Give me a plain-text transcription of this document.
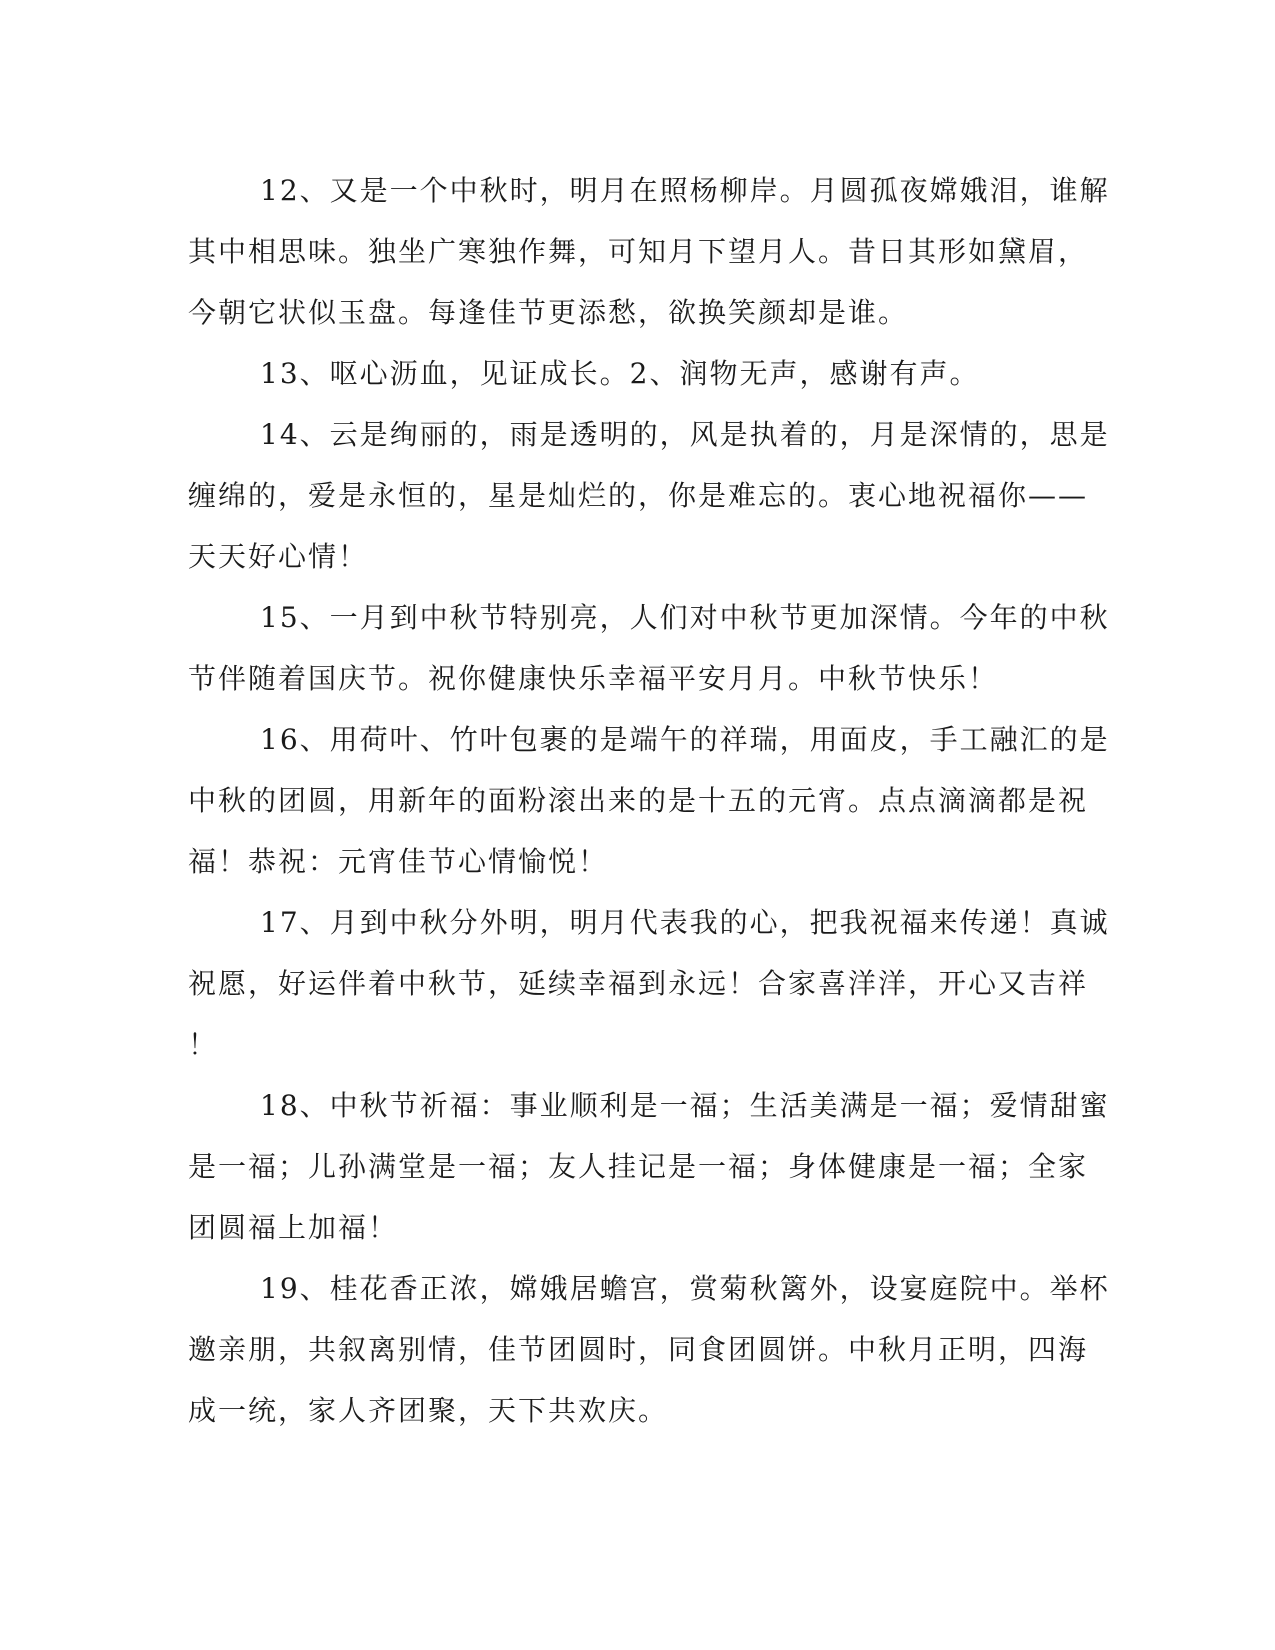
12、又是一个中秋时，明月在照杨柳岸。月圆孤夜嫦娥泪，谁解
其中相思味。独坐广寒独作舞，可知月下望月人。昔日其形如黛眉，
今朝它状似玉盘。每逢佳节更添愁，欲换笑颜却是谁。

13、呕心沥血，见证成长。2、润物无声，感谢有声。

14、云是绚丽的，雨是透明的，风是执着的，月是深情的，思是
缠绵的，爱是永恒的，星是灿烂的，你是难忘的。衷心地祝福你——
天天好心情！

15、一月到中秋节特别亮，人们对中秋节更加深情。今年的中秋
节伴随着国庆节。祝你健康快乐幸福平安月月。中秋节快乐！

16、用荷叶、竹叶包裹的是端午的祥瑞，用面皮，手工融汇的是
中秋的团圆，用新年的面粉滚出来的是十五的元宵。点点滴滴都是祝
福！恭祝：元宵佳节心情愉悦！

17、月到中秋分外明，明月代表我的心，把我祝福来传递！真诚
祝愿，好运伴着中秋节，延续幸福到永远！合家喜洋洋，开心又吉祥
！

18、中秋节祈福：事业顺利是一福；生活美满是一福；爱情甜蜜
是一福；儿孙满堂是一福；友人挂记是一福；身体健康是一福；全家
团圆福上加福！

19、桂花香正浓，嫦娥居蟾宫，赏菊秋篱外，设宴庭院中。举杯
邀亲朋，共叙离别情，佳节团圆时，同食团圆饼。中秋月正明，四海
成一统，家人齐团聚，天下共欢庆。
